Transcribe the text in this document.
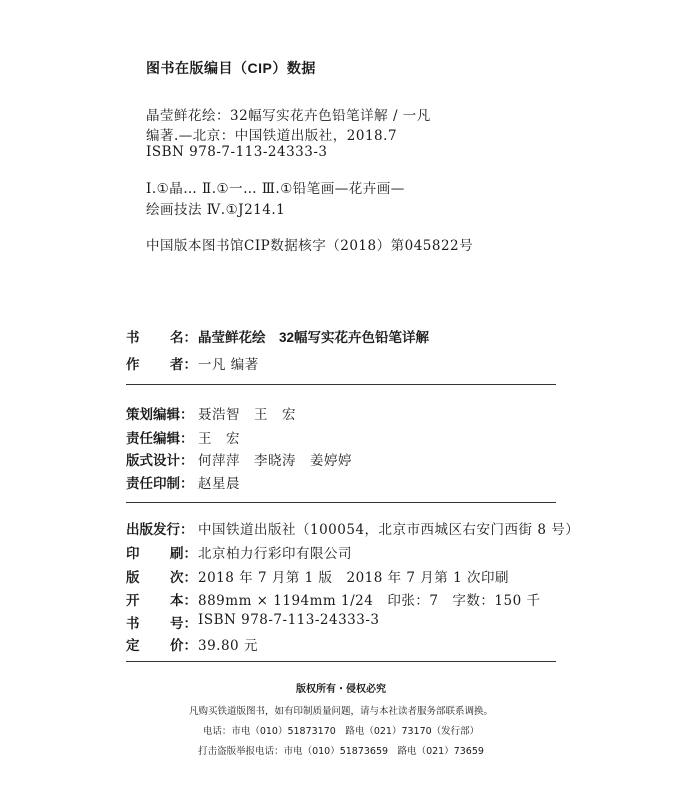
图书在版编目（CIP）数据
晶莹鲜花绘：32幅写实花卉色铅笔详解 / 一凡
编著.—北京：中国铁道出版社，2018.7
ISBN 978-7-113-24333-3
Ⅰ.①晶… Ⅱ.①一… Ⅲ.①铅笔画—花卉画—
绘画技法 Ⅳ.①J214.1
中国版本图书馆CIP数据核字（2018）第045822号
书 名： 晶莹鲜花绘　32幅写实花卉色铅笔详解
作 者： 一凡 编著
策划编辑： 聂浩智　王　宏
责任编辑： 王　宏
版式设计： 何萍萍　李晓涛　姜婷婷
责任印制： 赵星晨
出版发行： 中国铁道出版社（100054，北京市西城区右安门西街 8 号）
印 刷： 北京柏力行彩印有限公司
版 次： 2018 年 7 月第 1 版　2018 年 7 月第 1 次印刷
开 本： 889mm × 1194mm 1/24　印张：7　字数：150 千
书 号： ISBN 978-7-113-24333-3
定 价： 39.80 元
版权所有・侵权必究
凡购买铁道版图书，如有印制质量问题，请与本社读者服务部联系调换。
电话：市电（010）51873170　路电（021）73170（发行部）
打击盗版举报电话：市电（010）51873659　路电（021）73659
